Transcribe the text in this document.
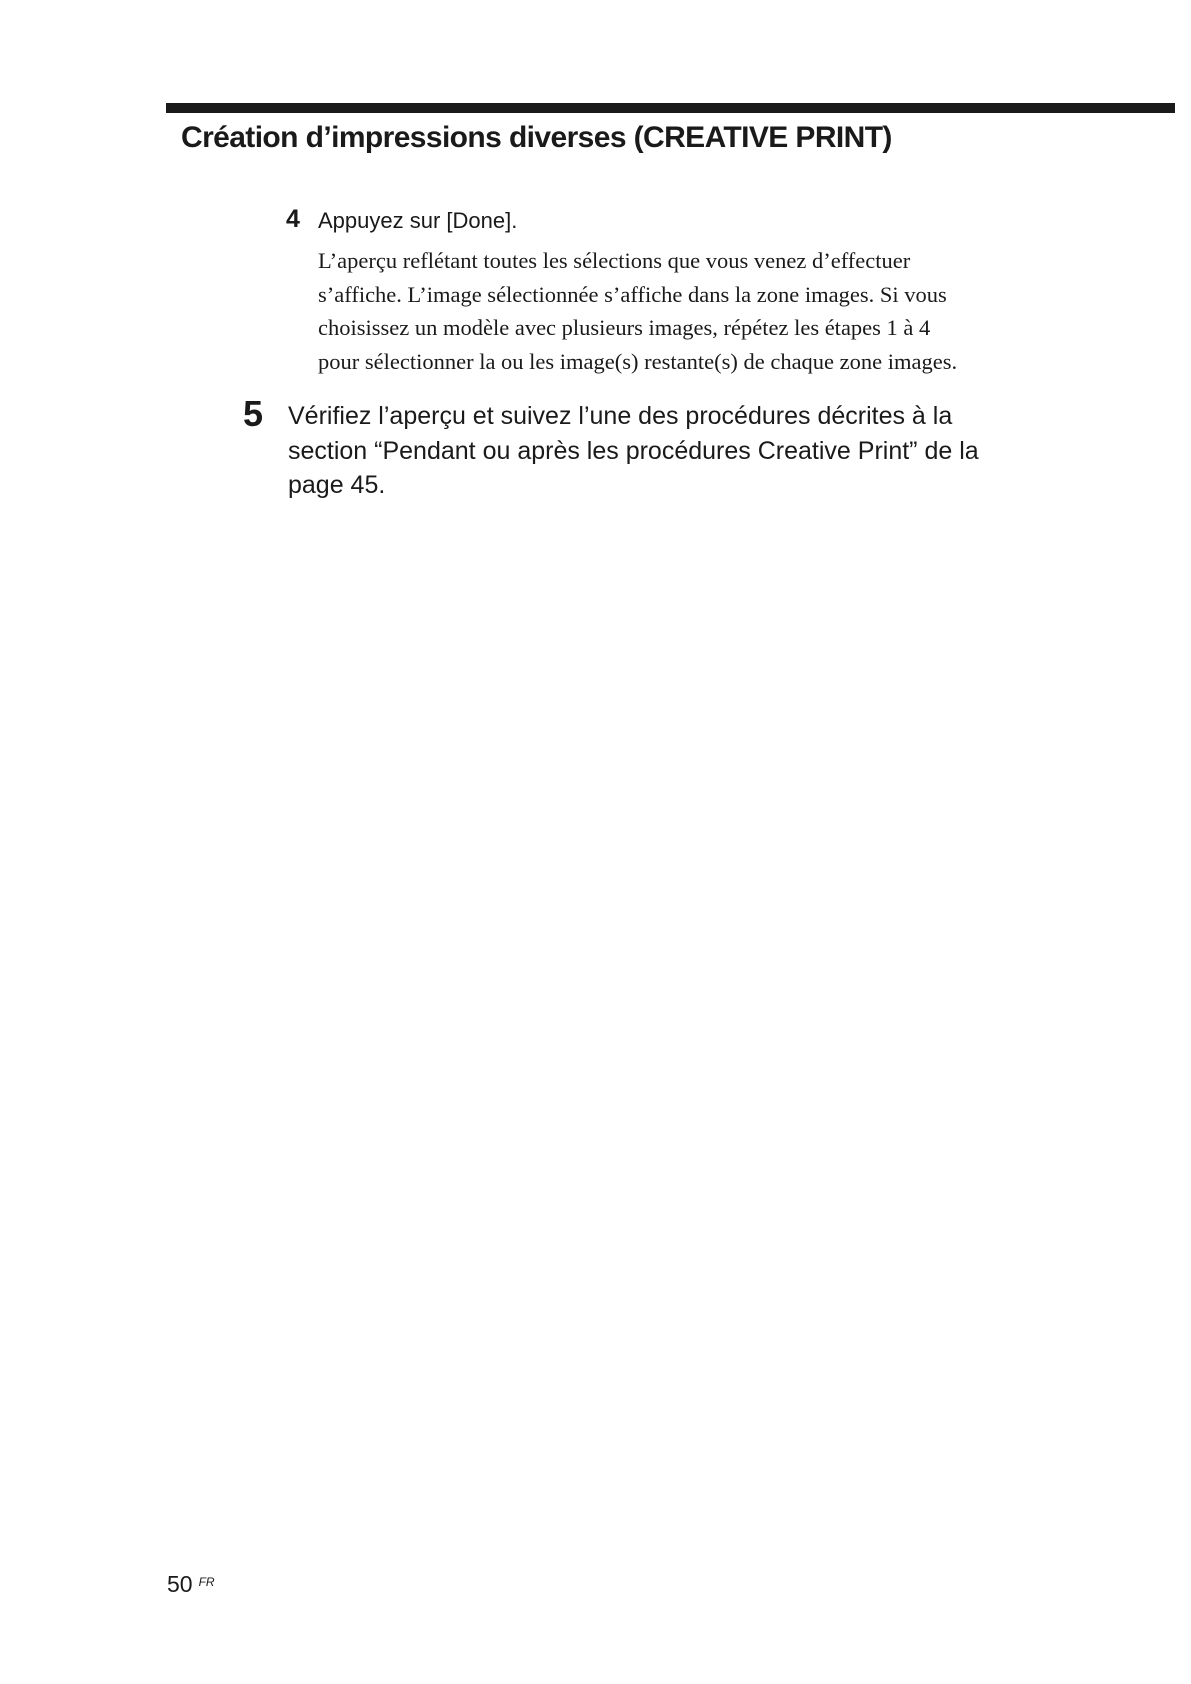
Création d’impressions diverses (CREATIVE PRINT)
4 Appuyez sur [Done].

L’aperçu reflétant toutes les sélections que vous venez d’effectuer
s’affiche. L’image sélectionnée s’affiche dans la zone images. Si vous
choisissez un modèle avec plusieurs images, répétez les étapes 1 à 4
pour sélectionner la ou les image(s) restante(s) de chaque zone images.

5 Vérifiez l’aperçu et suivez l’une des procédures décrites à la
section “Pendant ou après les procédures Creative Print” de la
page 45.

50 $^{FR}$
